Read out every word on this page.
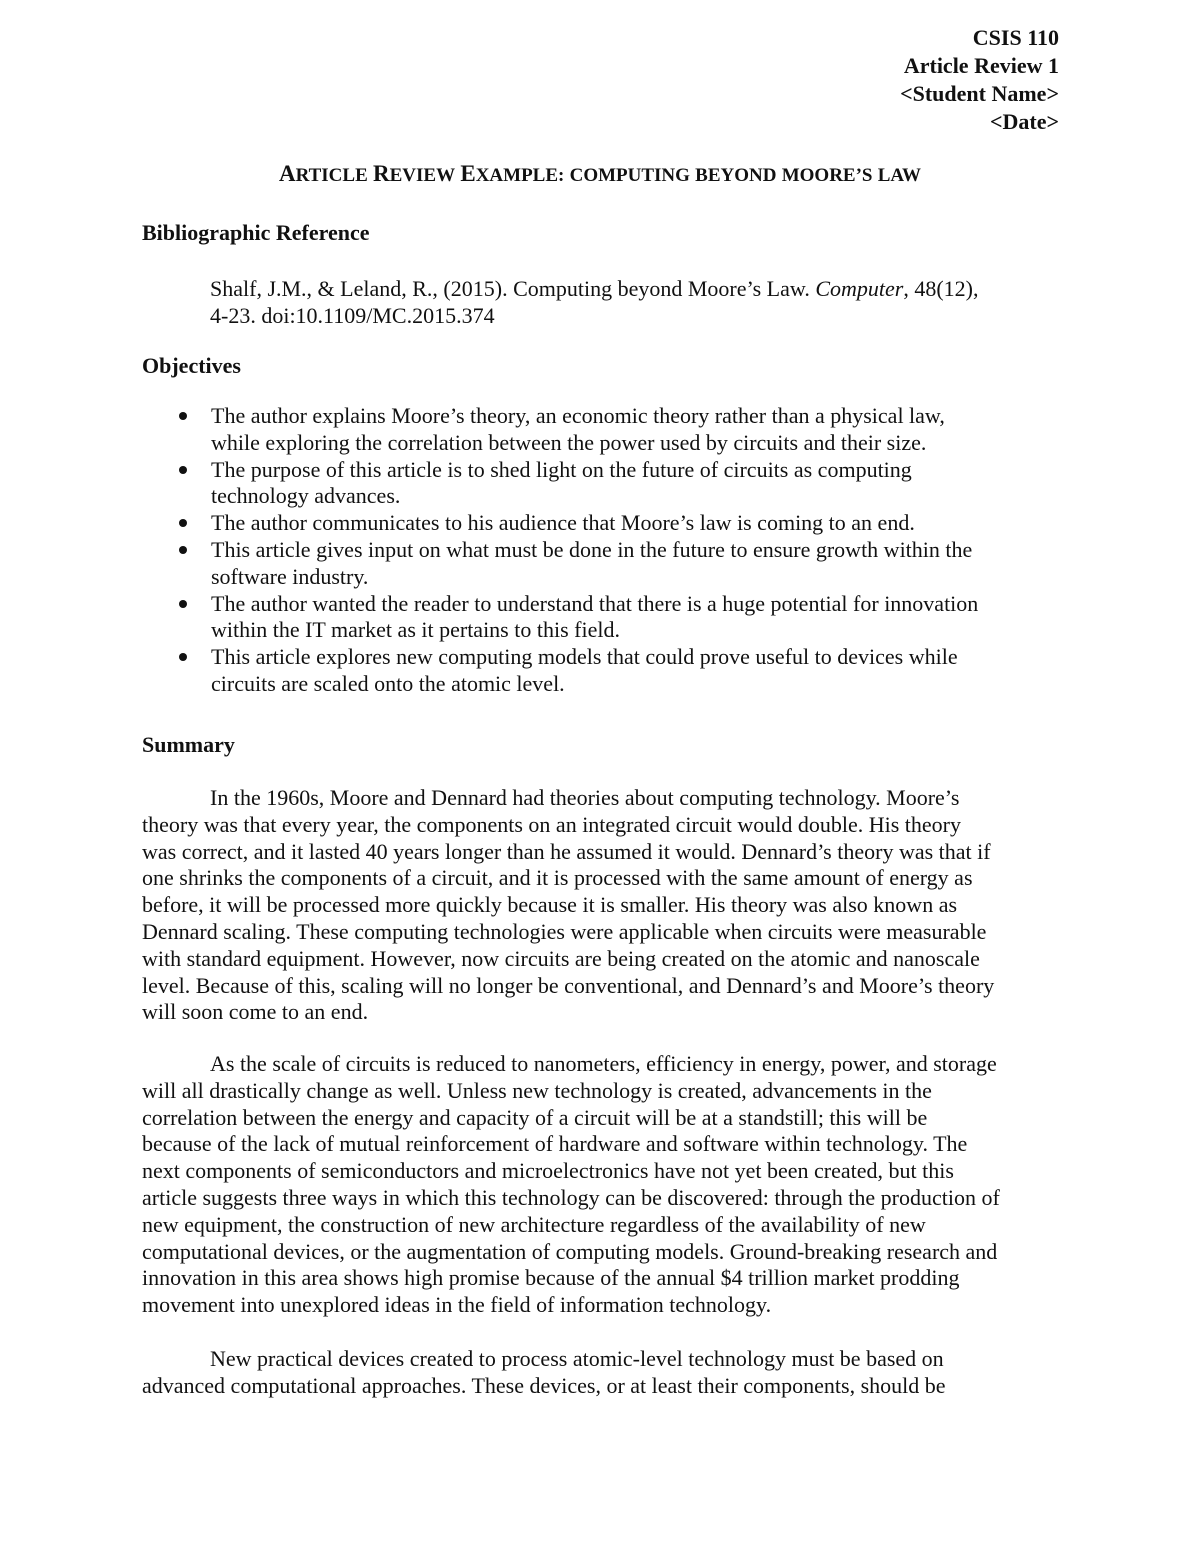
CSIS 110
Article Review 1
<Student Name>
<Date>
ARTICLE REVIEW EXAMPLE: COMPUTING BEYOND MOORE’S LAW
Bibliographic Reference
Shalf, J.M., & Leland, R., (2015). Computing beyond Moore’s Law. Computer, 48(12),
4-23. doi:10.1109/MC.2015.374
Objectives
The author explains Moore’s theory, an economic theory rather than a physical law,
while exploring the correlation between the power used by circuits and their size.
The purpose of this article is to shed light on the future of circuits as computing
technology advances.
The author communicates to his audience that Moore’s law is coming to an end.
This article gives input on what must be done in the future to ensure growth within the
software industry.
The author wanted the reader to understand that there is a huge potential for innovation
within the IT market as it pertains to this field.
This article explores new computing models that could prove useful to devices while
circuits are scaled onto the atomic level.
Summary
In the 1960s, Moore and Dennard had theories about computing technology. Moore’s
theory was that every year, the components on an integrated circuit would double. His theory
was correct, and it lasted 40 years longer than he assumed it would. Dennard’s theory was that if
one shrinks the components of a circuit, and it is processed with the same amount of energy as
before, it will be processed more quickly because it is smaller. His theory was also known as
Dennard scaling. These computing technologies were applicable when circuits were measurable
with standard equipment. However, now circuits are being created on the atomic and nanoscale
level. Because of this, scaling will no longer be conventional, and Dennard’s and Moore’s theory
will soon come to an end.
As the scale of circuits is reduced to nanometers, efficiency in energy, power, and storage
will all drastically change as well. Unless new technology is created, advancements in the
correlation between the energy and capacity of a circuit will be at a standstill; this will be
because of the lack of mutual reinforcement of hardware and software within technology. The
next components of semiconductors and microelectronics have not yet been created, but this
article suggests three ways in which this technology can be discovered: through the production of
new equipment, the construction of new architecture regardless of the availability of new
computational devices, or the augmentation of computing models. Ground-breaking research and
innovation in this area shows high promise because of the annual $4 trillion market prodding
movement into unexplored ideas in the field of information technology.
New practical devices created to process atomic-level technology must be based on
advanced computational approaches. These devices, or at least their components, should be
